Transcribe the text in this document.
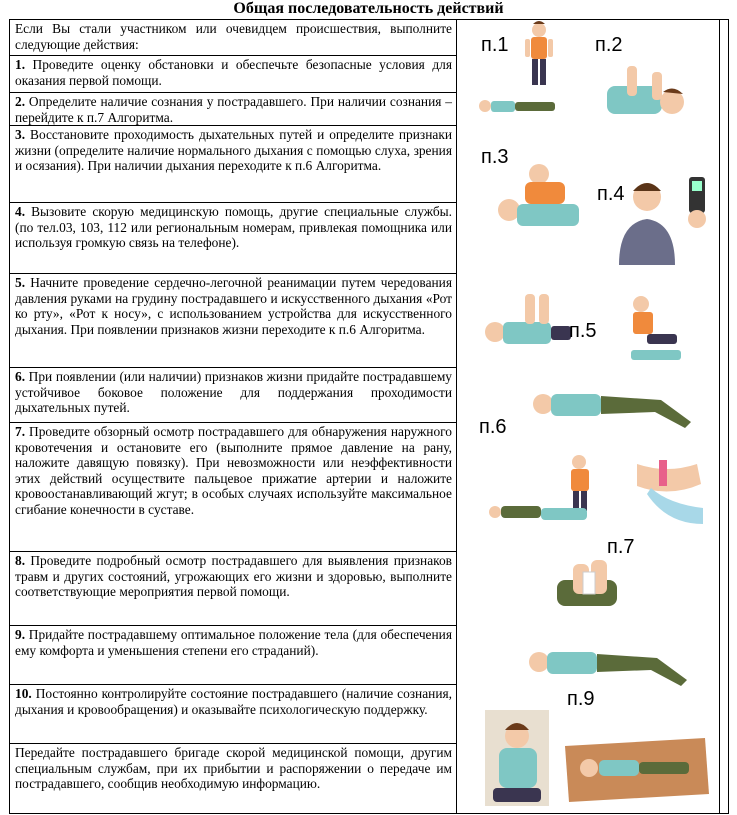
Общая последовательность действий
Если Вы стали участником или очевидцем происшествия, выполните следующие действия:
1. Проведите оценку обстановки и обеспечьте безопасные условия для оказания первой помощи.
2. Определите наличие сознания у пострадавшего. При наличии сознания – перейдите к п.7 Алгоритма.
3. Восстановите проходимость дыхательных путей и определите признаки жизни (определите наличие нормального дыхания с помощью слуха, зрения и осязания). При наличии дыхания переходите к п.6 Алгоритма.
4. Вызовите скорую медицинскую помощь, другие специальные службы. (по тел.03, 103, 112 или региональным номерам, привлекая помощника или используя громкую связь на телефоне).
5. Начните проведение сердечно-легочной реанимации путем чередования давления руками на грудину пострадавшего и искусственного дыхания «Рот ко рту», «Рот к носу», с использованием устройства для искусственного дыхания. При появлении признаков жизни переходите к п.6 Алгоритма.
6. При появлении (или наличии) признаков жизни придайте пострадавшему устойчивое боковое положение для поддержания проходимости дыхательных путей.
7. Проведите обзорный осмотр пострадавшего для обнаружения наружного кровотечения и остановите его (выполните прямое давление на рану, наложите давящую повязку). При невозможности или неэффективности этих действий осуществите пальцевое прижатие артерии и наложите кровоостанавливающий жгут; в особых случаях используйте максимальное сгибание конечности в суставе.
8. Проведите подробный осмотр пострадавшего для выявления признаков травм и других состояний, угрожающих его жизни и здоровью, выполните соответствующие мероприятия первой помощи.
9. Придайте пострадавшему оптимальное положение тела (для обеспечения ему комфорта и уменьшения степени его страданий).
10. Постоянно контролируйте состояние пострадавшего (наличие сознания, дыхания и кровообращения) и оказывайте психологическую поддержку.
Передайте пострадавшего бригаде скорой медицинской помощи, другим специальным службам, при их прибытии и распоряжении о передаче им пострадавшего, сообщив необходимую информацию.
п.1	п.2
п.3
п.4
п.5
п.6
п.7
п.9
